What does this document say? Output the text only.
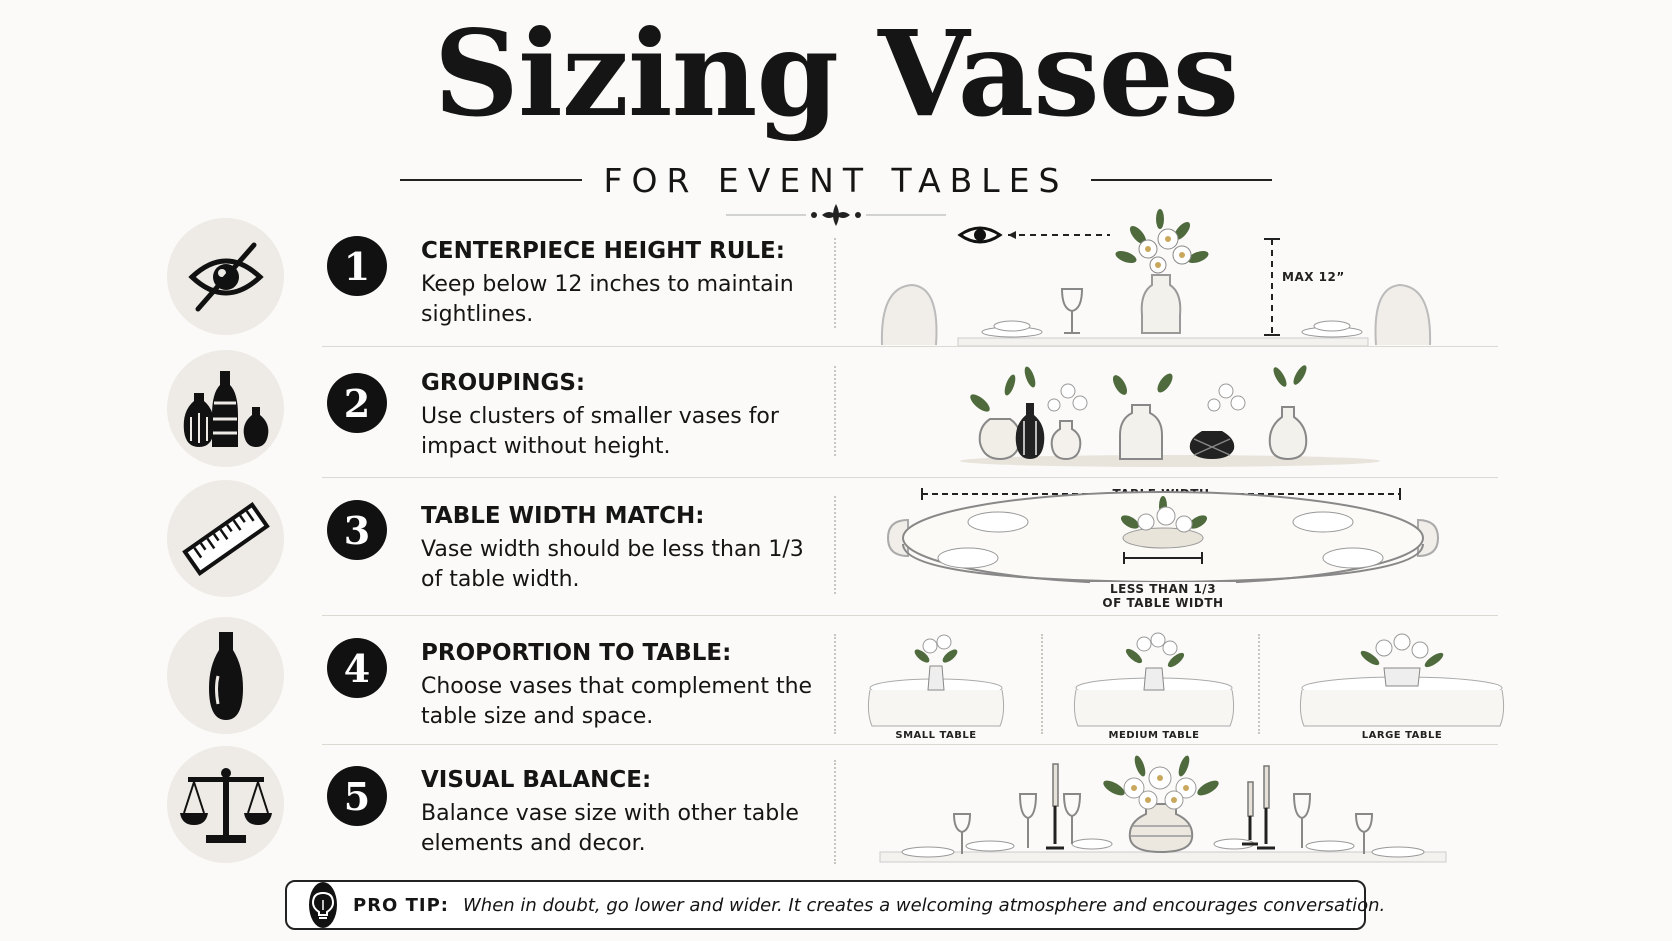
Sizing Vases
FOR EVENT TABLES
1	CENTERPIECE HEIGHT RULE:

Keep below 12 inches to maintain sightlines.

MAX 12”
2	GROUPINGS:

Use clusters of smaller vases for impact without height.

3	TABLE WIDTH MATCH:

Vase width should be less than 1/3 of table width.	LESS THAN 1/3
OF TABLE WIDTH
4	PROPORTION TO TABLE:

Choose vases that complement the table size and space.

SMALL TABLE	MEDIUM TABLE	LARGE TABLE
5	VISUAL BALANCE:

Balance vase size with other table elements and decor.

PRO TIP: When in doubt, go lower and wider. It creates a welcoming atmosphere and encourages conversation.
